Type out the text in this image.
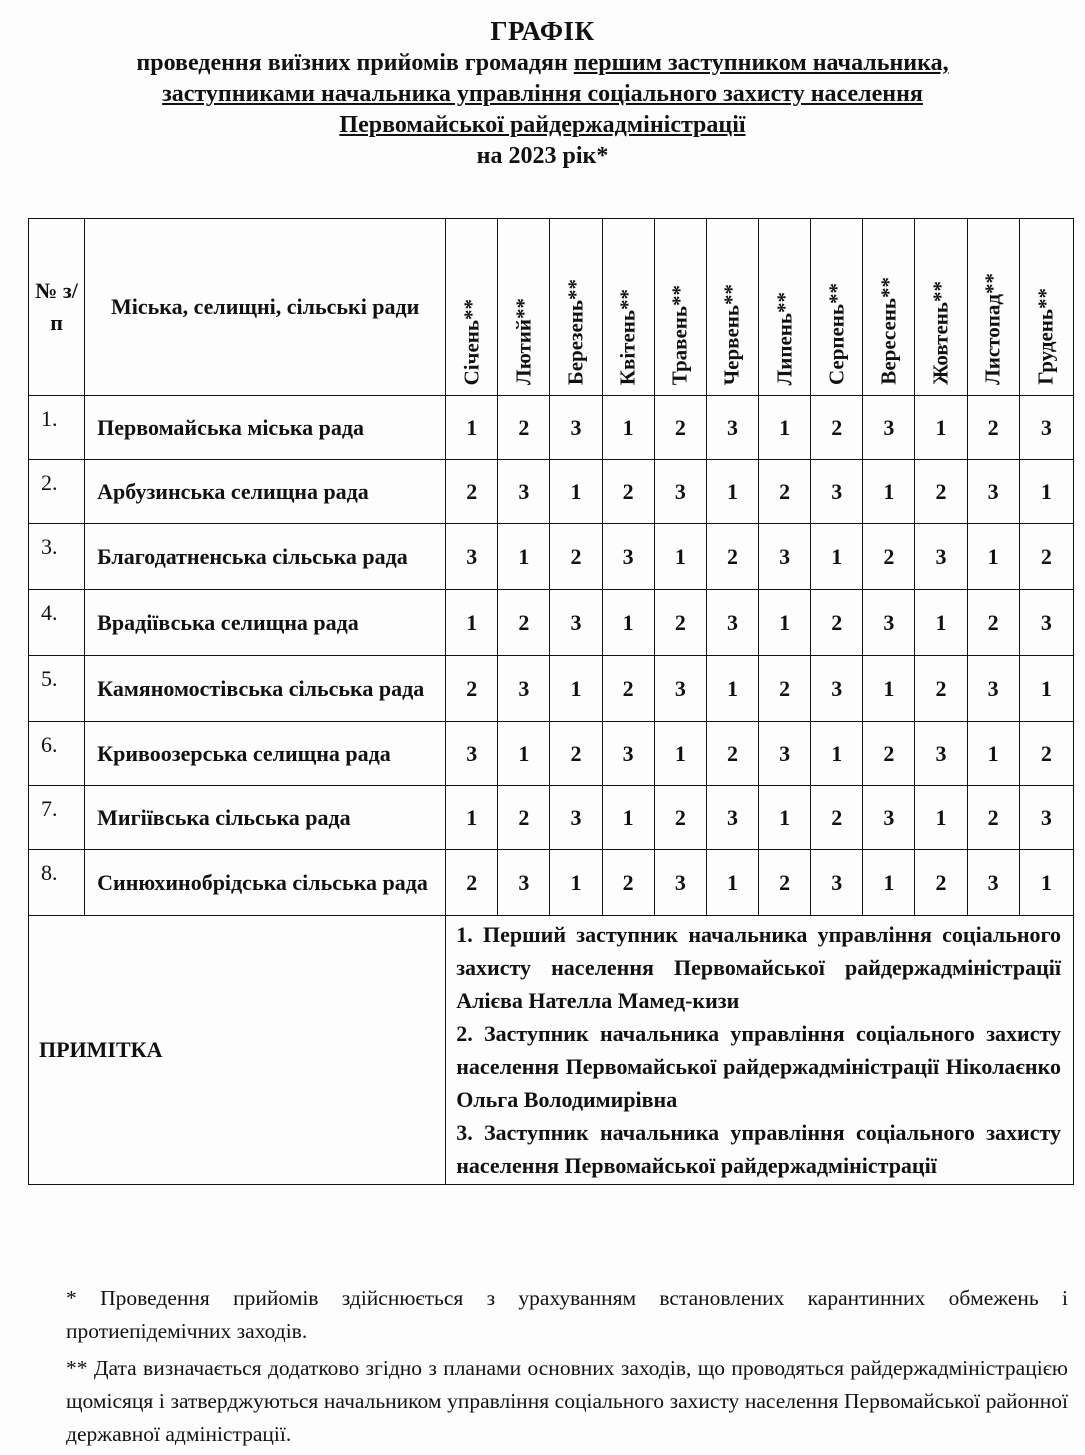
ГРАФІК
проведення виїзних прийомів громадян першим заступником начальника,
заступниками начальника управління соціального захисту населення
Первомайської райдержадміністрації
на 2023 рік*
№ з/п	Міська, селищні, сільські ради	Січень**	Лютий**	Березень**	Квітень**	Травень**	Червень**	Липень**	Серпень**	Вересень**	Жовтень**	Листопад**	Грудень**

1.	Первомайська міська рада	1	2	3	1	2	3	1	2	3	1	2	3
2.	Арбузинська селищна рада	2	3	1	2	3	1	2	3	1	2	3	1
3.	Благодатненська сільська рада	3	1	2	3	1	2	3	1	2	3	1	2
4.	Врадіївська селищна рада	1	2	3	1	2	3	1	2	3	1	2	3
5.	Камяномостівська сільська рада	2	3	1	2	3	1	2	3	1	2	3	1
6.	Кривоозерська селищна рада	3	1	2	3	1	2	3	1	2	3	1	2
7.	Мигіївська сільська рада	1	2	3	1	2	3	1	2	3	1	2	3
8.	Синюхинобрідська сільська рада	2	3	1	2	3	1	2	3	1	2	3	1
ПРИМІТКА		1. Перший заступник начальника управління соціального захисту населення Первомайської райдержадміністрації Алієва Нателла Мамед-кизи
2. Заступник начальника управління соціального захисту населення Первомайської райдержадміністрації Ніколаєнко Ольга Володимирівна
3. Заступник начальника управління соціального захисту населення Первомайської райдержадміністрації											

* Проведення прийомів здійснюється з урахуванням встановлених карантинних обмежень і протиепідемічних заходів.

** Дата визначається додатково згідно з планами основних заходів, що проводяться райдержадміністрацією щомісяця і затверджуються начальником управління соціального захисту населення Первомайської районної державної адміністрації.
